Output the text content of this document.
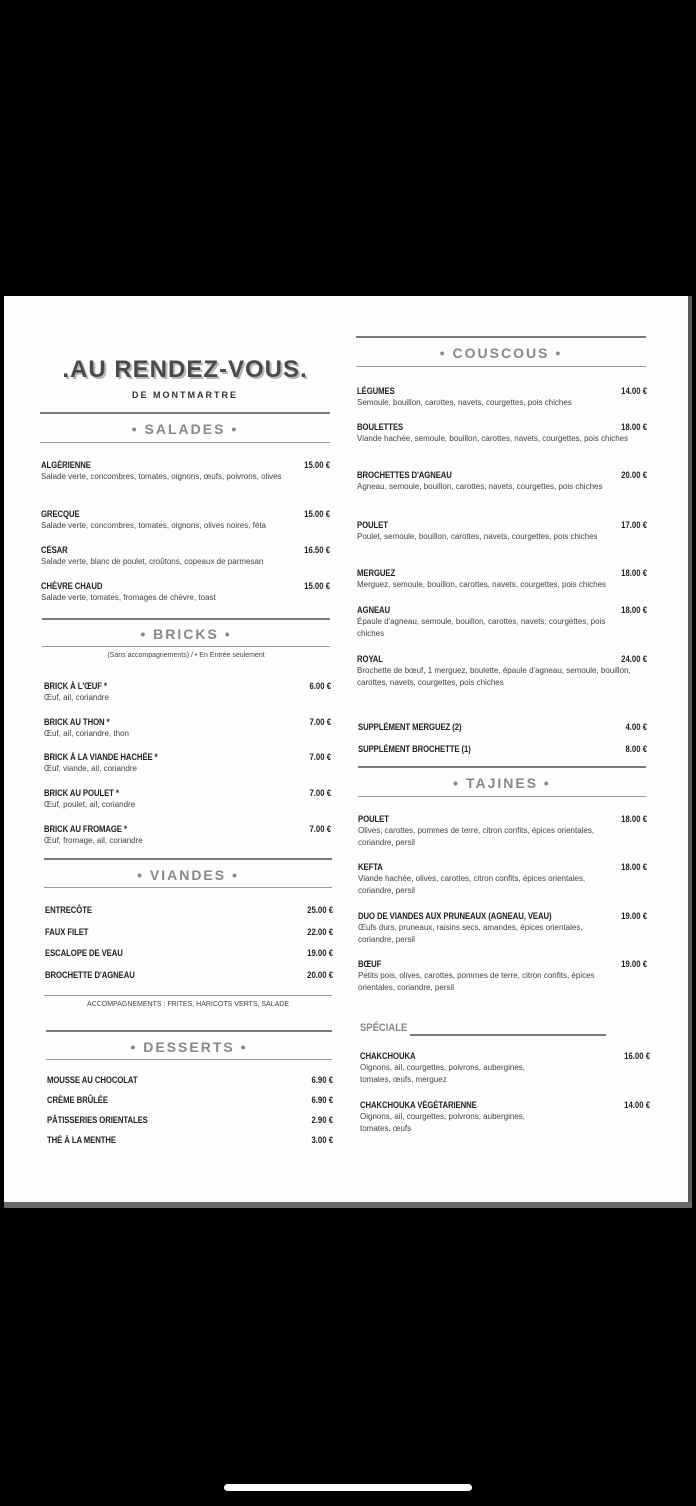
.AU RENDEZ-VOUS.
DE MONTMARTRE
• SALADES •
ALGÉRIENNE
Salade verte, concombres, tomates, oignons, œufs, poivrons, olives
15.00 €
GRECQUE
Salade verte, concombres, tomates, oignons, olives noires, féta
15.00 €
CÉSAR
Salade verte, blanc de poulet, croûtons, copeaux de parmesan
16.50 €
CHÈVRE CHAUD
Salade verte, tomates, fromages de chèvre, toast
15.00 €
• BRICKS •
(Sans accompagnements) / • En Entrée seulement
BRICK À L'ŒUF *
Œuf, ail, coriandre
6.00 €
BRICK AU THON *
Œuf, ail, coriandre, thon
7.00 €
BRICK À LA VIANDE HACHÉE *
Œuf, viande, ail, coriandre
7.00 €
BRICK AU POULET *
Œuf, poulet, ail, coriandre
7.00 €
BRICK AU FROMAGE *
Œuf, fromage, ail, coriandre
7.00 €
• VIANDES •
ENTRECÔTE	25.00 €
FAUX FILET	22.00 €
ESCALOPE DE VEAU	19.00 €
BROCHETTE D'AGNEAU	20.00 €
ACCOMPAGNEMENTS : FRITES, HARICOTS VERTS, SALADE
• DESSERTS •
MOUSSE AU CHOCOLAT	6.90 €
CRÈME BRÛLÉE	6.90 €
PÂTISSERIES ORIENTALES	2.90 €
THÉ À LA MENTHE	3.00 €
• COUSCOUS •
LÉGUMES
Semoule, bouillon, carottes, navets, courgettes, pois chiches
14.00 €
BOULETTES
Viande hachée, semoule, bouillon, carottes, navets, courgettes, pois chiches
18.00 €
BROCHETTES D'AGNEAU
Agneau, semoule, bouillon, carottes, navets, courgettes, pois chiches
20.00 €
POULET
Poulet, semoule, bouillon, carottes, navets, courgettes, pois chiches
17.00 €
MERGUEZ
Merguez, semoule, bouillon, carottes, navets, courgettes, pois chiches
18.00 €
AGNEAU
Épaule d'agneau, semoule, bouillon, carottes, navets, courgettes, pois chiches
18.00 €
ROYAL
Brochette de bœuf, 1 merguez, boulette, épaule d'agneau, semoule, bouillon, carottes, navets, courgettes, pois chiches
24.00 €
SUPPLÉMENT MERGUEZ (2)	4.00 €
SUPPLÉMENT BROCHETTE (1)	8.00 €
• TAJINES •
POULET
Olives, carottes, pommes de terre, citron confits, épices orientales, coriandre, persil
18.00 €
KEFTA
Viande hachée, olives, carottes, citron confits, épices orientales, coriandre, persil
18.00 €
DUO DE VIANDES AUX PRUNEAUX (AGNEAU, VEAU)
Œufs durs, pruneaux, raisins secs, amandes, épices orientales, coriandre, persil
19.00 €
BŒUF
Petits pois, olives, carottes, pommes de terre, citron confits, épices orientales, coriandre, persil
19.00 €
SPÉCIALE
CHAKCHOUKA
Oignons, ail, courgettes, poivrons, aubergines, tomates, œufs, merguez
16.00 €
CHAKCHOUKA VÉGÉTARIENNE
Oignons, ail, courgettes, poivrons, aubergines, tomates, œufs
14.00 €
